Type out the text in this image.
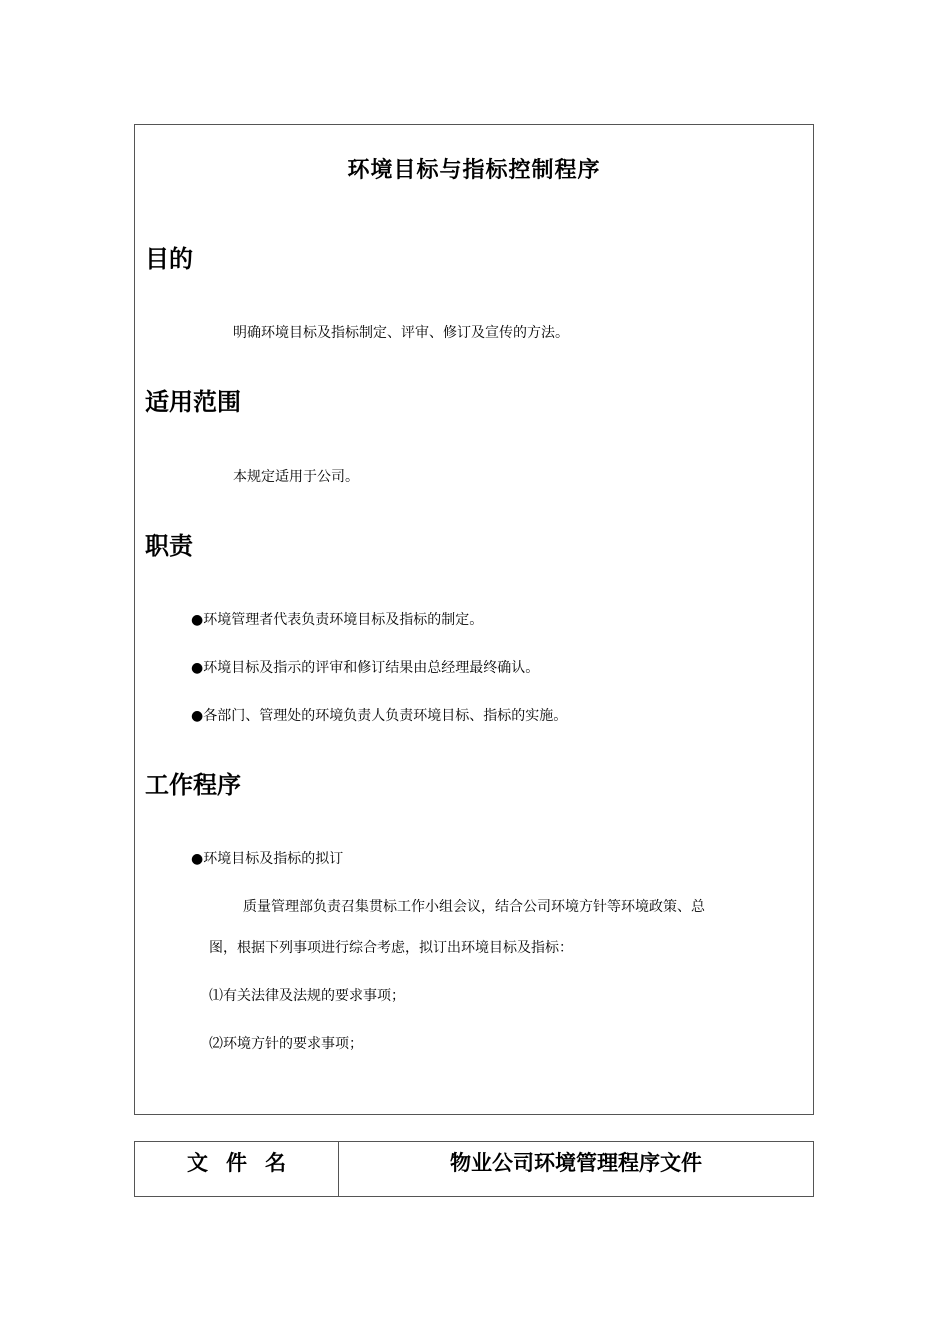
环境目标与指标控制程序
目的
明确环境目标及指标制定、评审、修订及宣传的方法。
适用范围
本规定适用于公司。
职责
●环境管理者代表负责环境目标及指标的制定。
●环境目标及指示的评审和修订结果由总经理最终确认。
●各部门、管理处的环境负责人负责环境目标、指标的实施。
工作程序
●环境目标及指标的拟订
质量管理部负责召集贯标工作小组会议，结合公司环境方针等环境政策、总
图，根据下列事项进行综合考虑，拟订出环境目标及指标：
⑴有关法律及法规的要求事项；
⑵环境方针的要求事项；
文件名	物业公司环境管理程序文件
